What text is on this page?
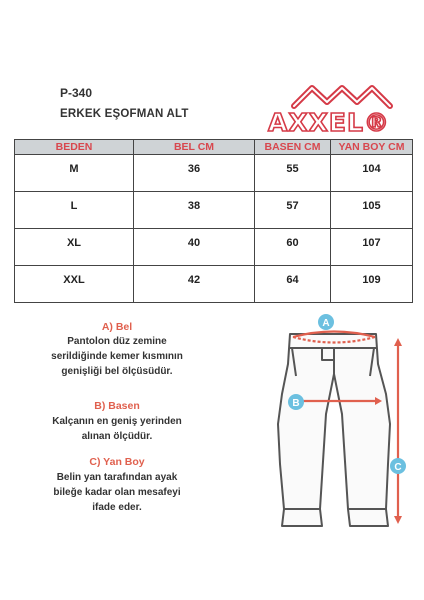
P-340
ERKEK EŞOFMAN ALT	AXXEL®
BEDEN	BEL CM	BASEN CM	YAN BOY CM
M	36	55	104
L	38	57	105
XL	40	60	107
XXL	42	64	109
A) Bel
Pantolon düz zemine
serildiğinde kemer kısmının
genişliği bel ölçüsüdür.
B) Basen
Kalçanın en geniş yerinden
alınan ölçüdür.
C) Yan Boy
Belin yan tarafından ayak
bileğe kadar olan mesafeyi
ifade eder.
A
B
C
